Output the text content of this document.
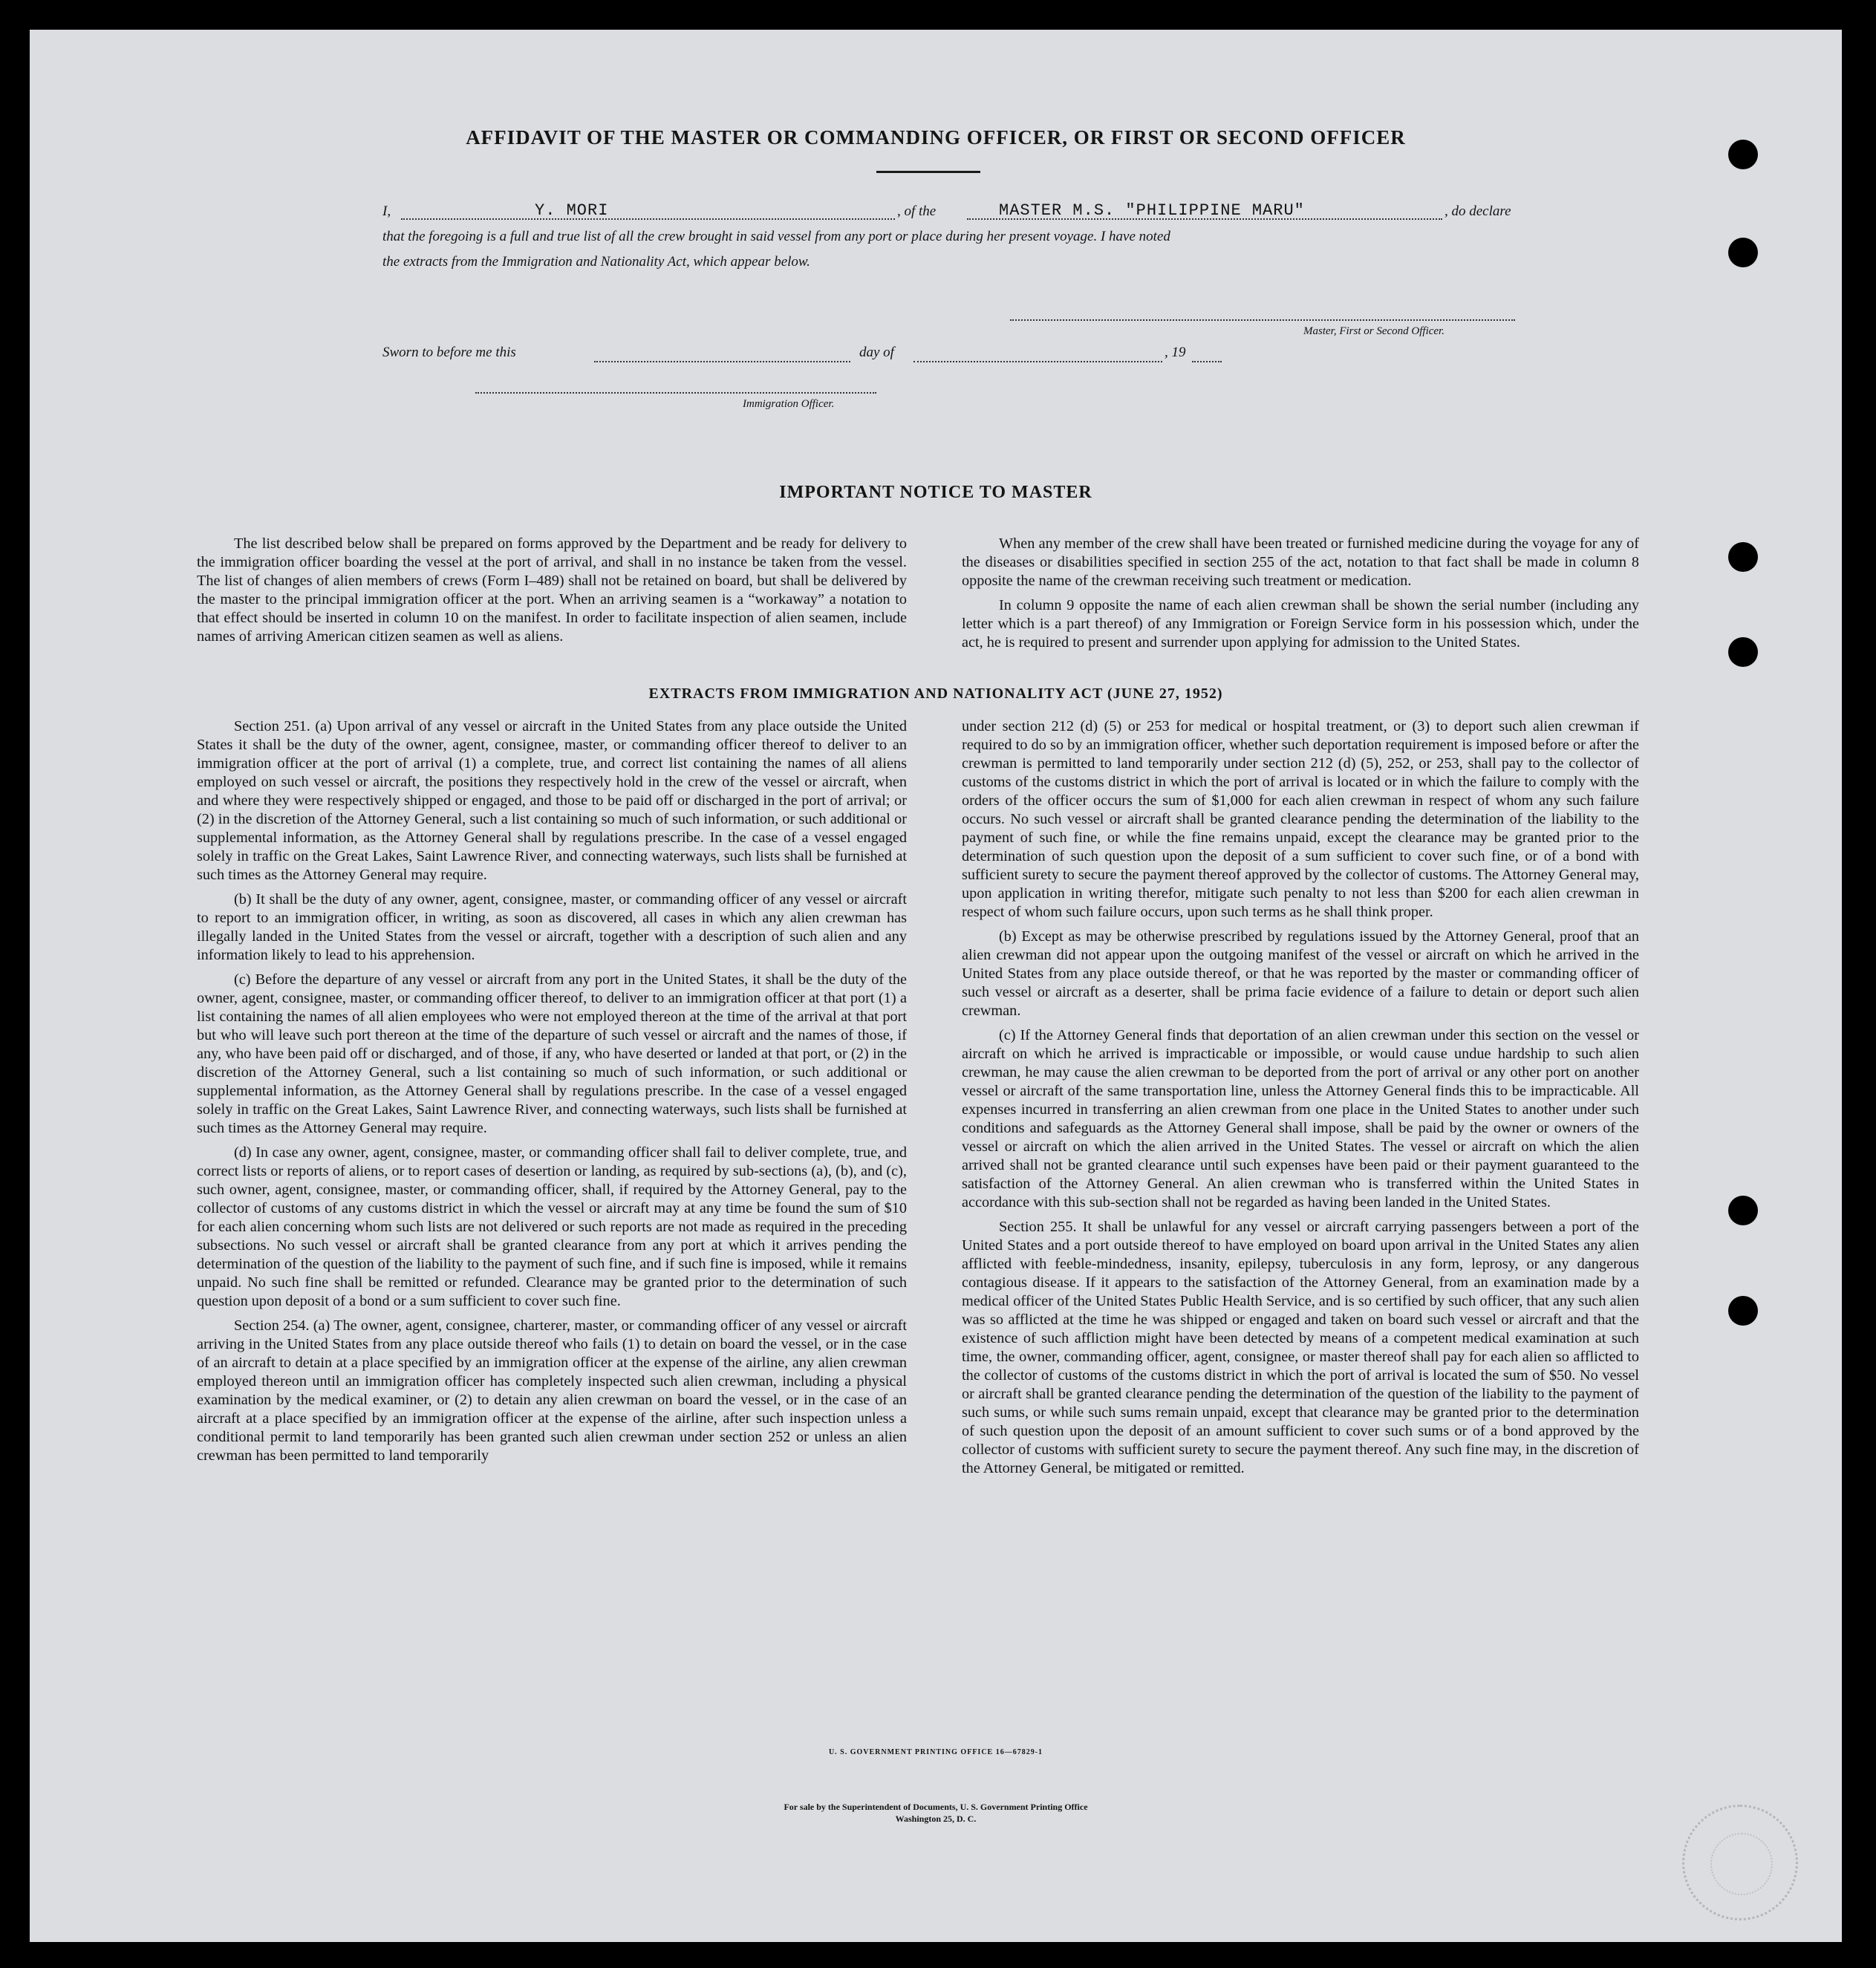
AFFIDAVIT OF THE MASTER OR COMMANDING OFFICER, OR FIRST OR SECOND OFFICER
I,	Y. MORI	, of the	MASTER M.S. "PHILIPPINE MARU"	, do declare
that the foregoing is a full and true list of all the crew brought in said vessel from any port or place during her present voyage. I have noted
the extracts from the Immigration and Nationality Act, which appear below.
Master, First or Second Officer.
Sworn to before me this	day of	, 19
Immigration Officer.
IMPORTANT NOTICE TO MASTER

The list described below shall be prepared on forms approved by the Department and be ready for delivery to the immigration officer boarding the vessel at the port of arrival, and shall in no instance be taken from the vessel. The list of changes of alien members of crews (Form I–489) shall not be retained on board, but shall be delivered by the master to the principal immigration officer at the port. When an arriving seamen is a “workaway” a notation to that effect should be inserted in column 10 on the manifest. In order to facilitate inspection of alien seamen, include names of arriving American citizen seamen as well as aliens.

When any member of the crew shall have been treated or furnished medicine during the voyage for any of the diseases or disabilities specified in section 255 of the act, notation to that fact shall be made in column 8 opposite the name of the crewman receiving such treatment or medication.

In column 9 opposite the name of each alien crewman shall be shown the serial number (including any letter which is a part thereof) of any Immigration or Foreign Service form in his possession which, under the act, he is required to present and surrender upon applying for admission to the United States.

EXTRACTS FROM IMMIGRATION AND NATIONALITY ACT (JUNE 27, 1952)

Section 251. (a) Upon arrival of any vessel or aircraft in the United States from any place outside the United States it shall be the duty of the owner, agent, consignee, master, or commanding officer thereof to deliver to an immigration officer at the port of arrival (1) a complete, true, and correct list containing the names of all aliens employed on such vessel or aircraft, the positions they respectively hold in the crew of the vessel or aircraft, when and where they were respectively shipped or engaged, and those to be paid off or discharged in the port of arrival; or (2) in the discretion of the Attorney General, such a list containing so much of such information, or such additional or supplemental information, as the Attorney General shall by regulations prescribe. In the case of a vessel engaged solely in traffic on the Great Lakes, Saint Lawrence River, and connecting waterways, such lists shall be furnished at such times as the Attorney General may require.

(b) It shall be the duty of any owner, agent, consignee, master, or commanding officer of any vessel or aircraft to report to an immigration officer, in writing, as soon as discovered, all cases in which any alien crewman has illegally landed in the United States from the vessel or aircraft, together with a description of such alien and any information likely to lead to his apprehension.

(c) Before the departure of any vessel or aircraft from any port in the United States, it shall be the duty of the owner, agent, consignee, master, or commanding officer thereof, to deliver to an immigration officer at that port (1) a list containing the names of all alien employees who were not employed thereon at the time of the arrival at that port but who will leave such port thereon at the time of the departure of such vessel or aircraft and the names of those, if any, who have been paid off or discharged, and of those, if any, who have deserted or landed at that port, or (2) in the discretion of the Attorney General, such a list containing so much of such information, or such additional or supplemental information, as the Attorney General shall by regulations prescribe. In the case of a vessel engaged solely in traffic on the Great Lakes, Saint Lawrence River, and connecting waterways, such lists shall be furnished at such times as the Attorney General may require.

(d) In case any owner, agent, consignee, master, or commanding officer shall fail to deliver complete, true, and correct lists or reports of aliens, or to report cases of desertion or landing, as required by sub-sections (a), (b), and (c), such owner, agent, consignee, master, or commanding officer, shall, if required by the Attorney General, pay to the collector of customs of any customs district in which the vessel or aircraft may at any time be found the sum of $10 for each alien concerning whom such lists are not delivered or such reports are not made as required in the preceding subsections. No such vessel or aircraft shall be granted clearance from any port at which it arrives pending the determination of the question of the liability to the payment of such fine, and if such fine is imposed, while it remains unpaid. No such fine shall be remitted or refunded. Clearance may be granted prior to the determination of such question upon deposit of a bond or a sum sufficient to cover such fine.

Section 254. (a) The owner, agent, consignee, charterer, master, or commanding officer of any vessel or aircraft arriving in the United States from any place outside thereof who fails (1) to detain on board the vessel, or in the case of an aircraft to detain at a place specified by an immigration officer at the expense of the airline, any alien crewman employed thereon until an immigration officer has completely inspected such alien crewman, including a physical examination by the medical examiner, or (2) to detain any alien crewman on board the vessel, or in the case of an aircraft at a place specified by an immigration officer at the expense of the airline, after such inspection unless a conditional permit to land temporarily has been granted such alien crewman under section 252 or unless an alien crewman has been permitted to land temporarily

under section 212 (d) (5) or 253 for medical or hospital treatment, or (3) to deport such alien crewman if required to do so by an immigration officer, whether such deportation requirement is imposed before or after the crewman is permitted to land temporarily under section 212 (d) (5), 252, or 253, shall pay to the collector of customs of the customs district in which the port of arrival is located or in which the failure to comply with the orders of the officer occurs the sum of $1,000 for each alien crewman in respect of whom any such failure occurs. No such vessel or aircraft shall be granted clearance pending the determination of the liability to the payment of such fine, or while the fine remains unpaid, except the clearance may be granted prior to the determination of such question upon the deposit of a sum sufficient to cover such fine, or of a bond with sufficient surety to secure the payment thereof approved by the collector of customs. The Attorney General may, upon application in writing therefor, mitigate such penalty to not less than $200 for each alien crewman in respect of whom such failure occurs, upon such terms as he shall think proper.

(b) Except as may be otherwise prescribed by regulations issued by the Attorney General, proof that an alien crewman did not appear upon the outgoing manifest of the vessel or aircraft on which he arrived in the United States from any place outside thereof, or that he was reported by the master or commanding officer of such vessel or aircraft as a deserter, shall be prima facie evidence of a failure to detain or deport such alien crewman.

(c) If the Attorney General finds that deportation of an alien crewman under this section on the vessel or aircraft on which he arrived is impracticable or impossible, or would cause undue hardship to such alien crewman, he may cause the alien crewman to be deported from the port of arrival or any other port on another vessel or aircraft of the same transportation line, unless the Attorney General finds this to be impracticable. All expenses incurred in transferring an alien crewman from one place in the United States to another under such conditions and safeguards as the Attorney General shall impose, shall be paid by the owner or owners of the vessel or aircraft on which the alien arrived in the United States. The vessel or aircraft on which the alien arrived shall not be granted clearance until such expenses have been paid or their payment guaranteed to the satisfaction of the Attorney General. An alien crewman who is transferred within the United States in accordance with this sub-section shall not be regarded as having been landed in the United States.

Section 255. It shall be unlawful for any vessel or aircraft carrying passengers between a port of the United States and a port outside thereof to have employed on board upon arrival in the United States any alien afflicted with feeble-mindedness, insanity, epilepsy, tuberculosis in any form, leprosy, or any dangerous contagious disease. If it appears to the satisfaction of the Attorney General, from an examination made by a medical officer of the United States Public Health Service, and is so certified by such officer, that any such alien was so afflicted at the time he was shipped or engaged and taken on board such vessel or aircraft and that the existence of such affliction might have been detected by means of a competent medical examination at such time, the owner, commanding officer, agent, consignee, or master thereof shall pay for each alien so afflicted to the collector of customs of the customs district in which the port of arrival is located the sum of $50. No vessel or aircraft shall be granted clearance pending the determination of the question of the liability to the payment of such sums, or while such sums remain unpaid, except that clearance may be granted prior to the determination of such question upon the deposit of an amount sufficient to cover such sums or of a bond approved by the collector of customs with sufficient surety to secure the payment thereof. Any such fine may, in the discretion of the Attorney General, be mitigated or remitted.

U. S. GOVERNMENT PRINTING OFFICE 16—67829-1
For sale by the Superintendent of Documents, U. S. Government Printing Office
Washington 25, D. C.
